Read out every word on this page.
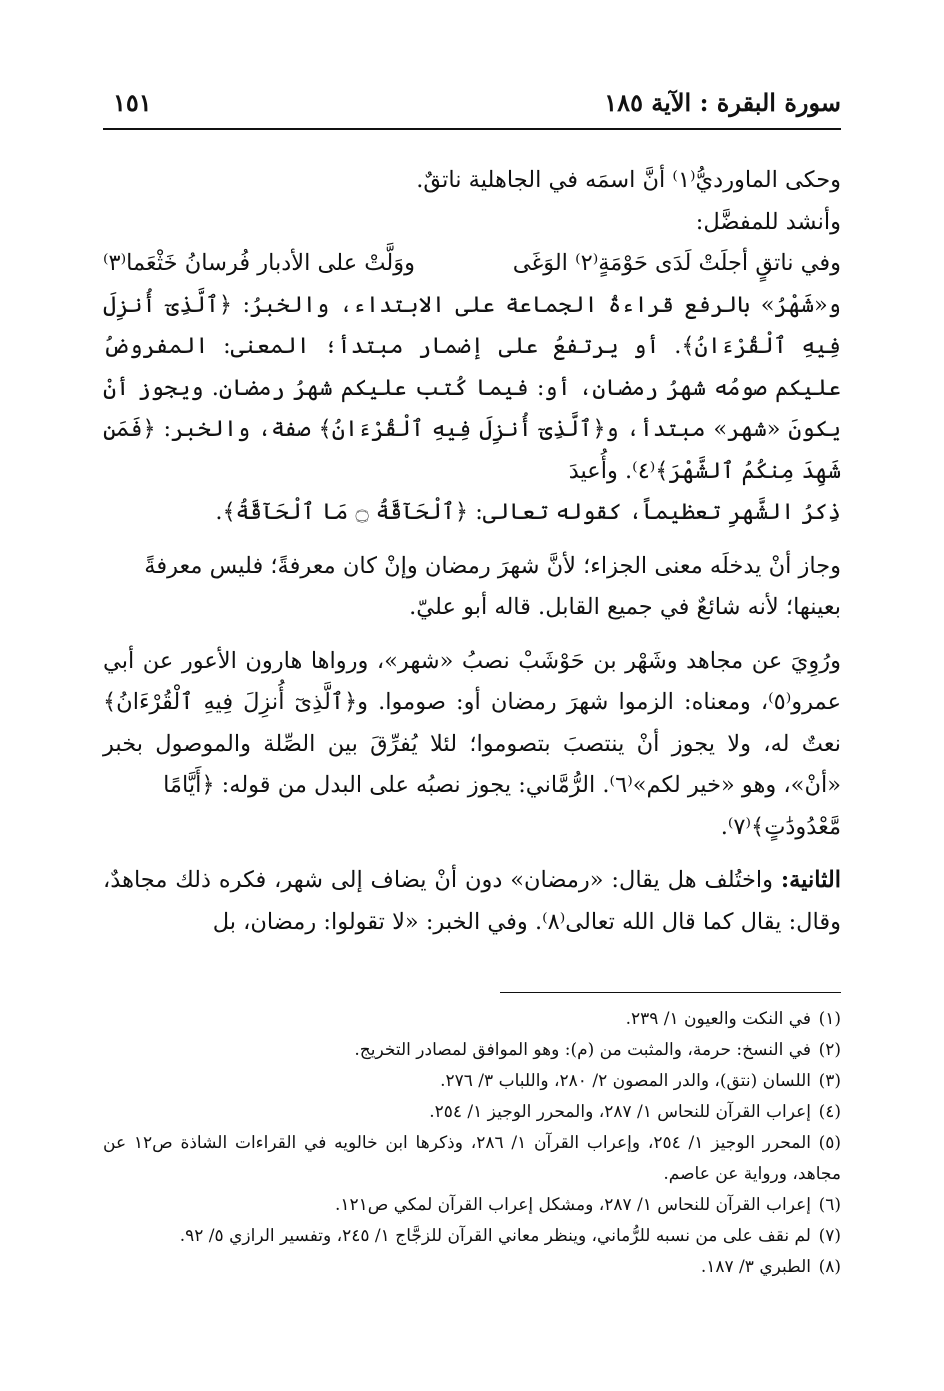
سورة البقرة : الآية ١٨٥
١٥١

وحكى الماورديُّ⁽١⁾ أنَّ اسمَه في الجاهلية ناتقٌ.

وأنشد للمفضَّل:

وفي ناتقٍ أجلَتْ لَدَى حَوْمَةٍ⁽٢⁾ الوَغَى
ووَلَّتْ على الأدبار فُرسانُ خَثْعَما⁽٣⁾

و«شَهْرُ» بالرفع قراءةُ الجماعة على الابتداء، والخبرُ: ﴿ٱلَّذِىٓ أُنزِلَ فِيهِ ٱلْقُرْءَانُ﴾. أو يرتفعُ على إضمار مبتدأ؛ المعنى: المفروضُ عليكم صومُه شهرُ رمضان، أو: فيما كُتب عليكم شهرُ رمضان. ويجوز أنْ يكونَ «شهر» مبتدأ، و﴿ٱلَّذِىٓ أُنزِلَ فِيهِ ٱلْقُرْءَانُ﴾ صفة، والخبر: ﴿فَمَن شَهِدَ مِنكُمُ ٱلشَّهْرَ﴾⁽٤⁾. وأُعيدَ

ذِكرُ الشَّهرِ تعظيماً، كقوله تعالى: ﴿ٱلْحَآقَّةُ ۝ مَا ٱلْحَآقَّةُ﴾.

وجاز أنْ يدخلَه معنى الجزاء؛ لأنَّ شهرَ رمضان وإنْ كان معرفةً؛ فليس معرفةً

بعينها؛ لأنه شائعٌ في جميع القابل. قاله أبو عليّ.

ورُوِيَ عن مجاهد وشَهْر بن حَوْشَبْ نصبُ «شهر»، ورواها هارون الأعور عن أبي عمرو⁽٥⁾، ومعناه: الزموا شهرَ رمضان أو: صوموا. و﴿ٱلَّذِىٓ أُنزِلَ فِيهِ ٱلْقُرْءَانُ﴾ نعتٌ له، ولا يجوز أنْ ينتصبَ بتصوموا؛ لئلا يُفرِّقَ بين الصِّلة والموصول بخبر «أنْ»، وهو «خير لكم»⁽٦⁾. الرُّمَّاني: يجوز نصبُه على البدل من قوله: ﴿أَيَّامًا

مَّعْدُودَٰتٍ﴾⁽٧⁾.

الثانية: واختُلف هل يقال: «رمضان» دون أنْ يضاف إلى شهر، فكره ذلك مجاهدٌ، وقال: يقال كما قال الله تعالى⁽٨⁾. وفي الخبر: «لا تقولوا: رمضان، بل

(١)في النكت والعيون ١/ ٢٣٩.
(٢)في النسخ: حرمة، والمثبت من (م): وهو الموافق لمصادر التخريج.
(٣)اللسان (نتق)، والدر المصون ٢/ ٢٨٠، واللباب ٣/ ٢٧٦.
(٤)إعراب القرآن للنحاس ١/ ٢٨٧، والمحرر الوجيز ١/ ٢٥٤.
(٥)المحرر الوجيز ١/ ٢٥٤، وإعراب القرآن ١/ ٢٨٦، وذكرها ابن خالويه في القراءات الشاذة ص١٢ عن مجاهد، ورواية عن عاصم.
(٦)إعراب القرآن للنحاس ١/ ٢٨٧، ومشكل إعراب القرآن لمكي ص١٢١.
(٧)لم نقف على من نسبه للرُّماني، وينظر معاني القرآن للزجَّاج ١/ ٢٤٥، وتفسير الرازي ٥/ ٩٢.
(٨)الطبري ٣/ ١٨٧.
